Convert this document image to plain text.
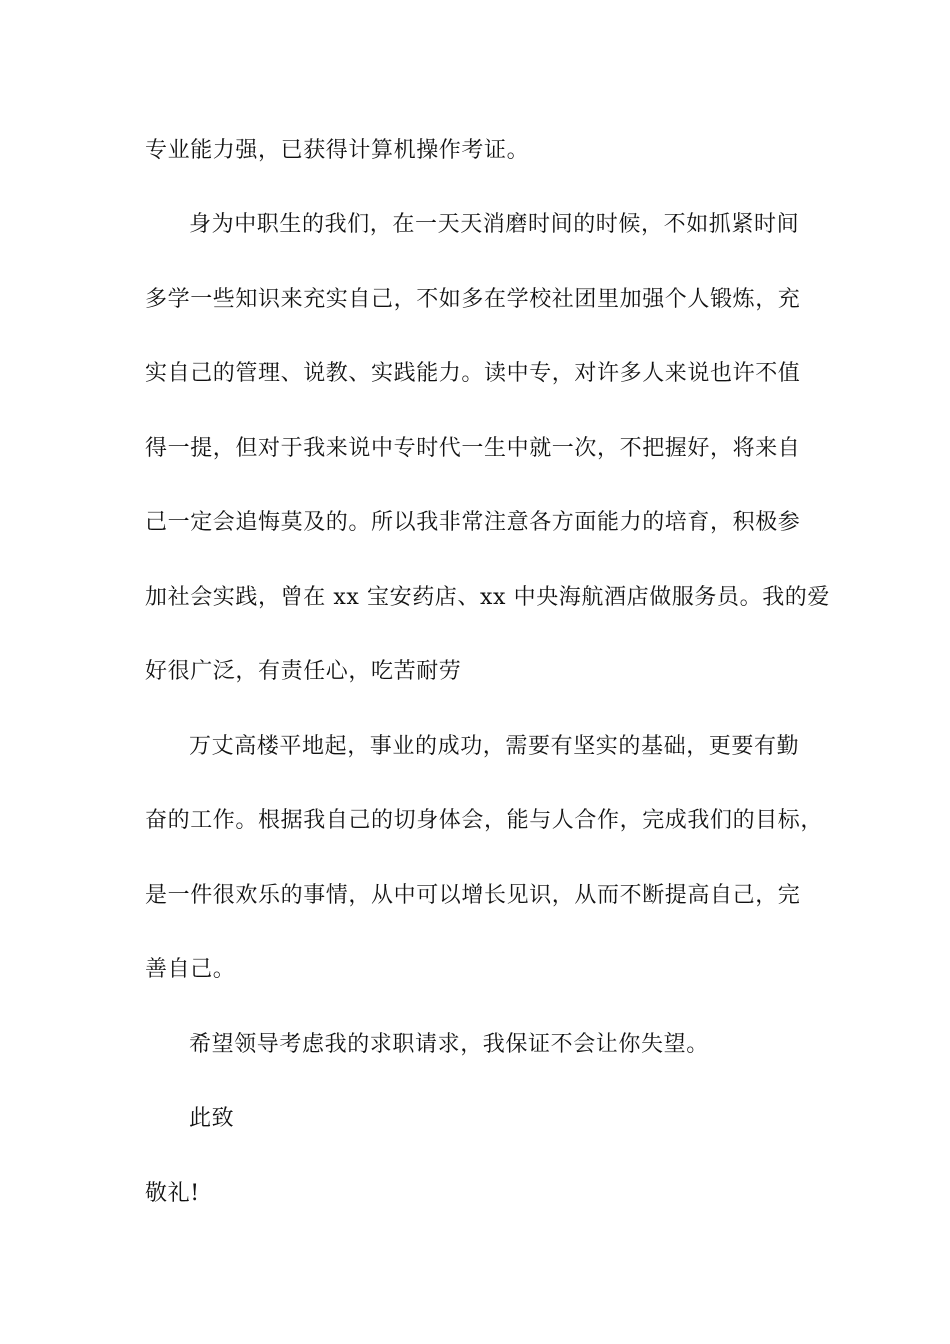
专业能力强，已获得计算机操作考证。
身为中职生的我们，在一天天消磨时间的时候，不如抓紧时间
多学一些知识来充实自己，不如多在学校社团里加强个人锻炼，充
实自己的管理、说教、实践能力。读中专，对许多人来说也许不值
得一提，但对于我来说中专时代一生中就一次，不把握好，将来自
己一定会追悔莫及的。所以我非常注意各方面能力的培育，积极参
加社会实践，曾在 xx 宝安药店、xx 中央海航酒店做服务员。我的爱
好很广泛，有责任心，吃苦耐劳
万丈高楼平地起，事业的成功，需要有坚实的基础，更要有勤
奋的工作。根据我自己的切身体会，能与人合作，完成我们的目标，
是一件很欢乐的事情，从中可以增长见识，从而不断提高自己，完
善自己。
希望领导考虑我的求职请求，我保证不会让你失望。
此致
敬礼!
